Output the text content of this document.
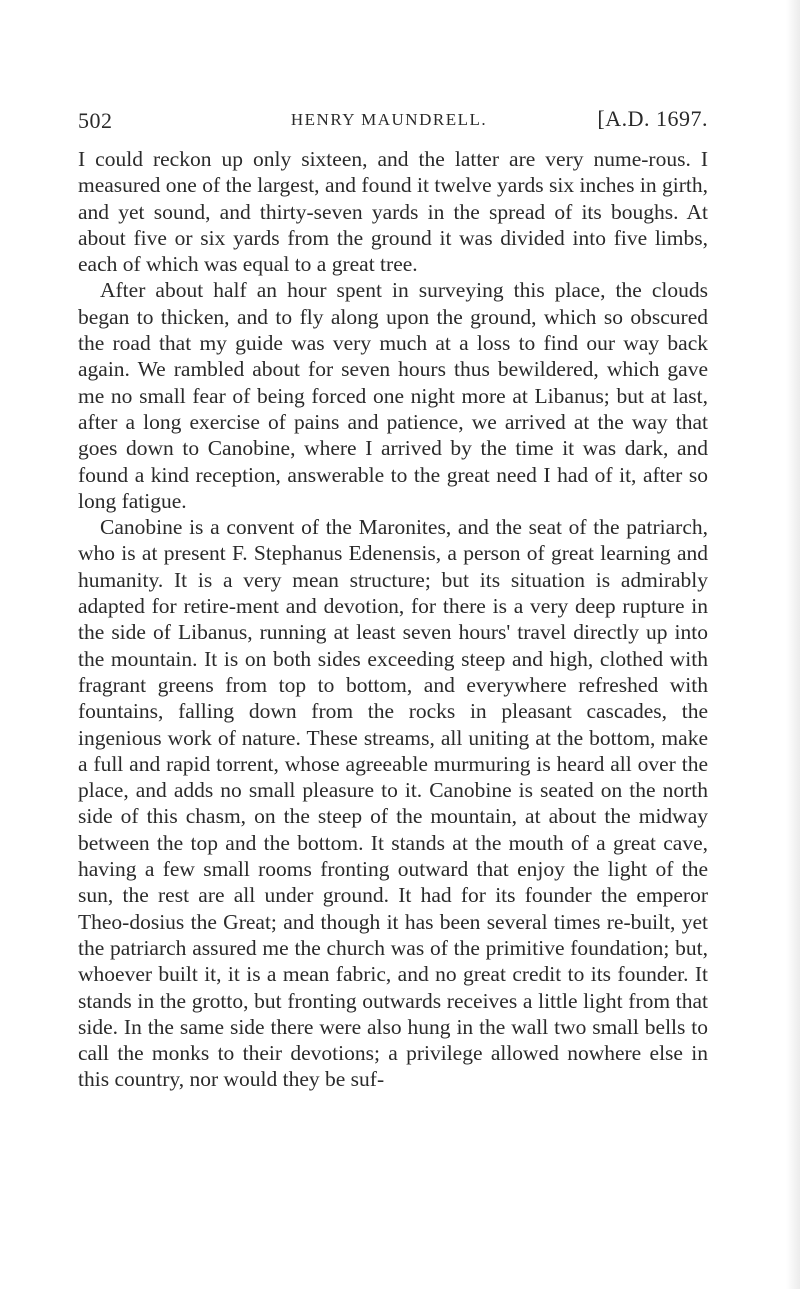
502	HENRY MAUNDRELL.	[A.D. 1697.

I could reckon up only sixteen, and the latter are very nume-rous. I measured one of the largest, and found it twelve yards six inches in girth, and yet sound, and thirty-seven yards in the spread of its boughs. At about five or six yards from the ground it was divided into five limbs, each of which was equal to a great tree.

After about half an hour spent in surveying this place, the clouds began to thicken, and to fly along upon the ground, which so obscured the road that my guide was very much at a loss to find our way back again. We rambled about for seven hours thus bewildered, which gave me no small fear of being forced one night more at Libanus; but at last, after a long exercise of pains and patience, we arrived at the way that goes down to Canobine, where I arrived by the time it was dark, and found a kind reception, answerable to the great need I had of it, after so long fatigue.

Canobine is a convent of the Maronites, and the seat of the patriarch, who is at present F. Stephanus Edenensis, a person of great learning and humanity. It is a very mean structure; but its situation is admirably adapted for retire-ment and devotion, for there is a very deep rupture in the side of Libanus, running at least seven hours' travel directly up into the mountain. It is on both sides exceeding steep and high, clothed with fragrant greens from top to bottom, and everywhere refreshed with fountains, falling down from the rocks in pleasant cascades, the ingenious work of nature. These streams, all uniting at the bottom, make a full and rapid torrent, whose agreeable murmuring is heard all over the place, and adds no small pleasure to it. Canobine is seated on the north side of this chasm, on the steep of the mountain, at about the midway between the top and the bottom. It stands at the mouth of a great cave, having a few small rooms fronting outward that enjoy the light of the sun, the rest are all under ground. It had for its founder the emperor Theo-dosius the Great; and though it has been several times re-built, yet the patriarch assured me the church was of the primitive foundation; but, whoever built it, it is a mean fabric, and no great credit to its founder. It stands in the grotto, but fronting outwards receives a little light from that side. In the same side there were also hung in the wall two small bells to call the monks to their devotions; a privilege allowed nowhere else in this country, nor would they be suf-
